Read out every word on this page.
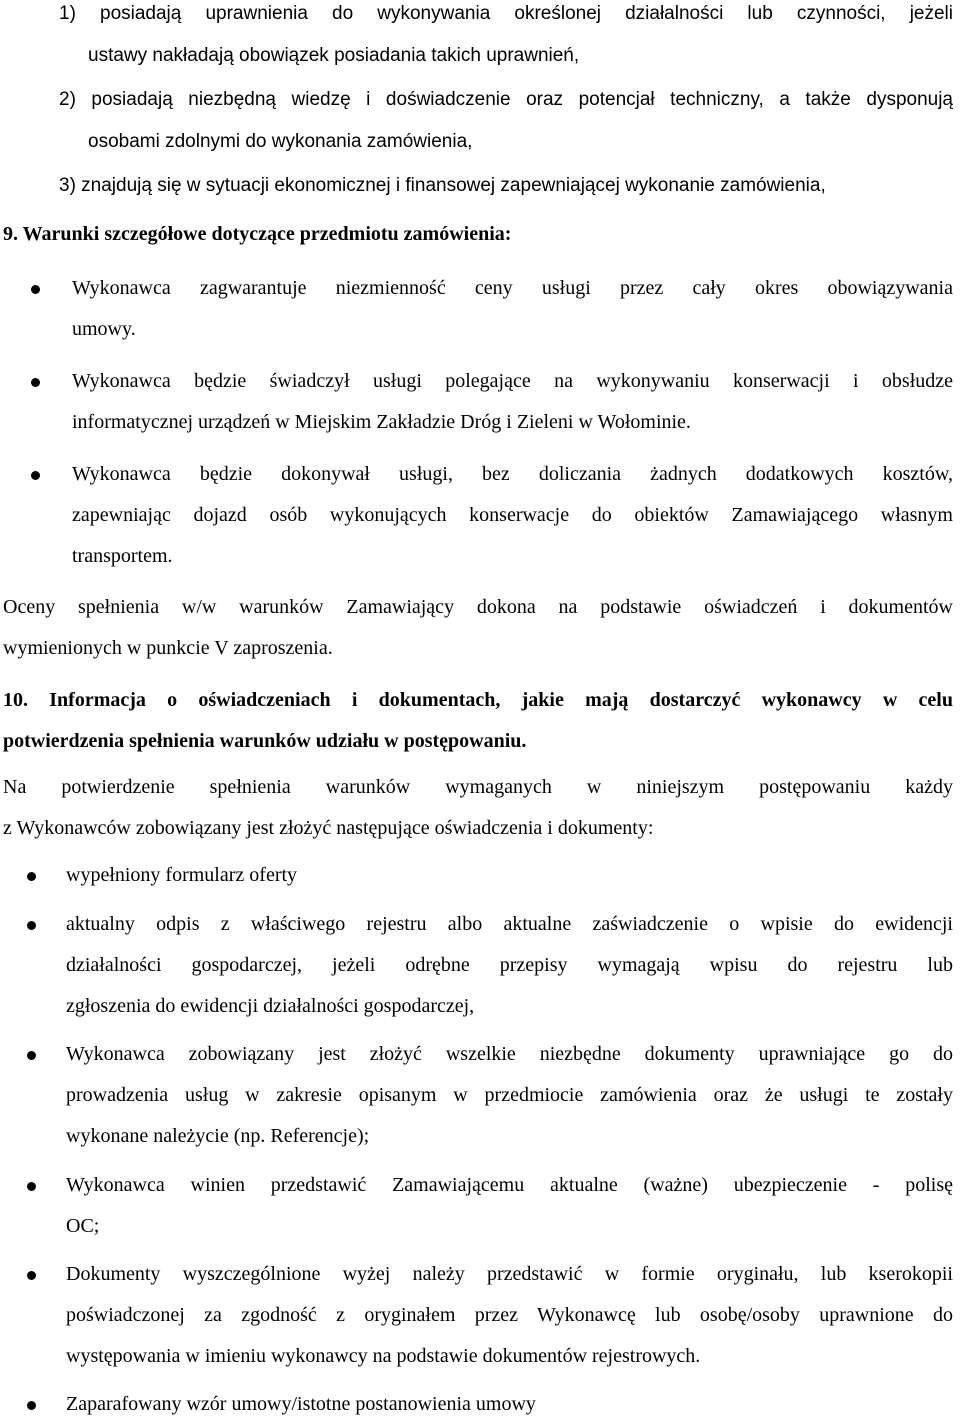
1) posiadają uprawnienia do wykonywania określonej działalności lub czynności, jeżeli
ustawy nakładają obowiązek posiadania takich uprawnień,
2) posiadają niezbędną wiedzę i doświadczenie oraz potencjał techniczny, a także dysponują
osobami zdolnymi do wykonania zamówienia,
3) znajdują się w sytuacji ekonomicznej i finansowej zapewniającej wykonanie zamówienia,
9. Warunki szczegółowe dotyczące przedmiotu zamówienia:
Wykonawca zagwarantuje niezmienność ceny usługi przez cały okres obowiązywania
umowy.
Wykonawca będzie świadczył usługi polegające na wykonywaniu konserwacji i obsłudze
informatycznej urządzeń w Miejskim Zakładzie Dróg i Zieleni w Wołominie.
Wykonawca będzie dokonywał usługi, bez doliczania żadnych dodatkowych kosztów,
zapewniając dojazd osób wykonujących konserwacje do obiektów Zamawiającego własnym
transportem.
Oceny spełnienia w/w warunków Zamawiający dokona na podstawie oświadczeń i dokumentów
wymienionych w punkcie V zaproszenia.
10. Informacja o oświadczeniach i dokumentach, jakie mają dostarczyć wykonawcy w celu
potwierdzenia spełnienia warunków udziału w postępowaniu.
Na potwierdzenie spełnienia warunków wymaganych w niniejszym postępowaniu każdy
z Wykonawców zobowiązany jest złożyć następujące oświadczenia i dokumenty:
wypełniony formularz oferty
aktualny odpis z właściwego rejestru albo aktualne zaświadczenie o wpisie do ewidencji
działalności gospodarczej, jeżeli odrębne przepisy wymagają wpisu do rejestru lub
zgłoszenia do ewidencji działalności gospodarczej,
Wykonawca zobowiązany jest złożyć wszelkie niezbędne dokumenty uprawniające go do
prowadzenia usług w zakresie opisanym w przedmiocie zamówienia oraz że usługi te zostały
wykonane należycie (np. Referencje);
Wykonawca winien przedstawić Zamawiającemu aktualne (ważne) ubezpieczenie - polisę
OC;
Dokumenty wyszczególnione wyżej należy przedstawić w formie oryginału, lub kserokopii
poświadczonej za zgodność z oryginałem przez Wykonawcę lub osobę/osoby uprawnione do
występowania w imieniu wykonawcy na podstawie dokumentów rejestrowych.
Zaparafowany wzór umowy/istotne postanowienia umowy
